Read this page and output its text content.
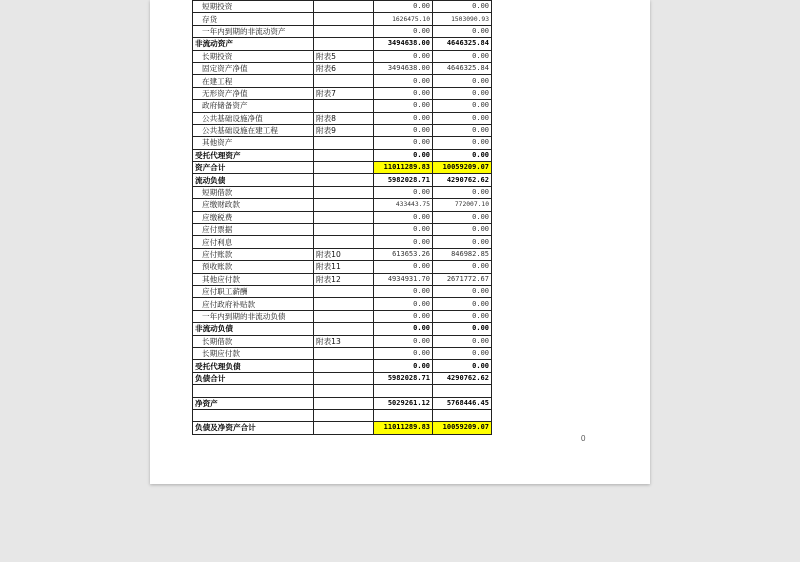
短期投资		0.00	0.00
存货		1626475.10	1503090.93
一年内到期的非流动资产		0.00	0.00
非流动资产		3494638.00	4646325.84
长期投资	附表5	0.00	0.00
固定资产净值	附表6	3494638.00	4646325.84
在建工程		0.00	0.00
无形资产净值	附表7	0.00	0.00
政府储备资产		0.00	0.00
公共基础设施净值	附表8	0.00	0.00
公共基础设施在建工程	附表9	0.00	0.00
其他资产		0.00	0.00
受托代理资产		0.00	0.00
资产合计		11011289.83	10059209.07
流动负债		5982028.71	4290762.62
短期借款		0.00	0.00
应缴财政款		433443.75	772007.10
应缴税费		0.00	0.00
应付票据		0.00	0.00
应付利息		0.00	0.00
应付账款	附表10	613653.26	846982.85
预收账款	附表11	0.00	0.00
其他应付款	附表12	4934931.70	2671772.67
应付职工薪酬		0.00	0.00
应付政府补贴款		0.00	0.00
一年内到期的非流动负债		0.00	0.00
非流动负债		0.00	0.00
长期借款	附表13	0.00	0.00
长期应付款		0.00	0.00
受托代理负债		0.00	0.00
负债合计		5982028.71	4290762.62

净资产		5029261.12	5768446.45

负债及净资产合计		11011289.83	10059209.07
0
